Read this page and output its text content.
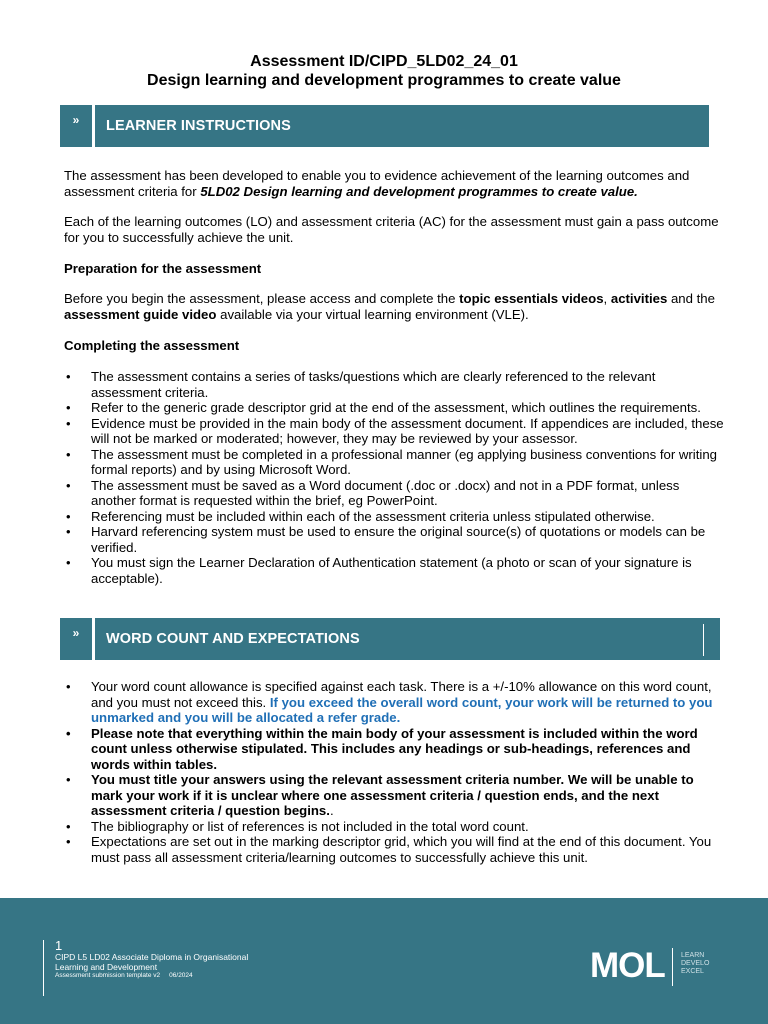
Assessment ID/CIPD_5LD02_24_01
Design learning and development programmes to create value
»	LEARNER INSTRUCTIONS

The assessment has been developed to enable you to evidence achievement of the learning outcomes and assessment criteria for 5LD02 Design learning and development programmes to create value.

Each of the learning outcomes (LO) and assessment criteria (AC) for the assessment must gain a pass outcome for you to successfully achieve the unit.

Preparation for the assessment

Before you begin the assessment, please access and complete the topic essentials videos, activities and the assessment guide video available via your virtual learning environment (VLE).

Completing the assessment

• The assessment contains a series of tasks/questions which are clearly referenced to the relevant assessment criteria.
• Refer to the generic grade descriptor grid at the end of the assessment, which outlines the requirements.
• Evidence must be provided in the main body of the assessment document. If appendices are included, these will not be marked or moderated; however, they may be reviewed by your assessor.
• The assessment must be completed in a professional manner (eg applying business conventions for writing formal reports) and by using Microsoft Word.
• The assessment must be saved as a Word document (.doc or .docx) and not in a PDF format, unless another format is requested within the brief, eg PowerPoint.
• Referencing must be included within each of the assessment criteria unless stipulated otherwise.
• Harvard referencing system must be used to ensure the original source(s) of quotations or models can be verified.
• You must sign the Learner Declaration of Authentication statement (a photo or scan of your signature is acceptable).
»	WORD COUNT AND EXPECTATIONS
• Your word count allowance is specified against each task. There is a +/-10% allowance on this word count, and you must not exceed this. If you exceed the overall word count, your work will be returned to you unmarked and you will be allocated a refer grade.
• Please note that everything within the main body of your assessment is included within the word count unless otherwise stipulated. This includes any headings or sub-headings, references and words within tables.
• You must title your answers using the relevant assessment criteria number. We will be unable to mark your work if it is unclear where one assessment criteria / question ends, and the next assessment criteria / question begins..
• The bibliography or list of references is not included in the total word count.
• Expectations are set out in the marking descriptor grid, which you will find at the end of this document. You must pass all assessment criteria/learning outcomes to successfully achieve this unit.
1
CIPD L5 LD02 Associate Diploma in Organisational Learning and Development
Assessment submission template v2     06/2024	MOL LEARN
DEVELO
EXCEL
